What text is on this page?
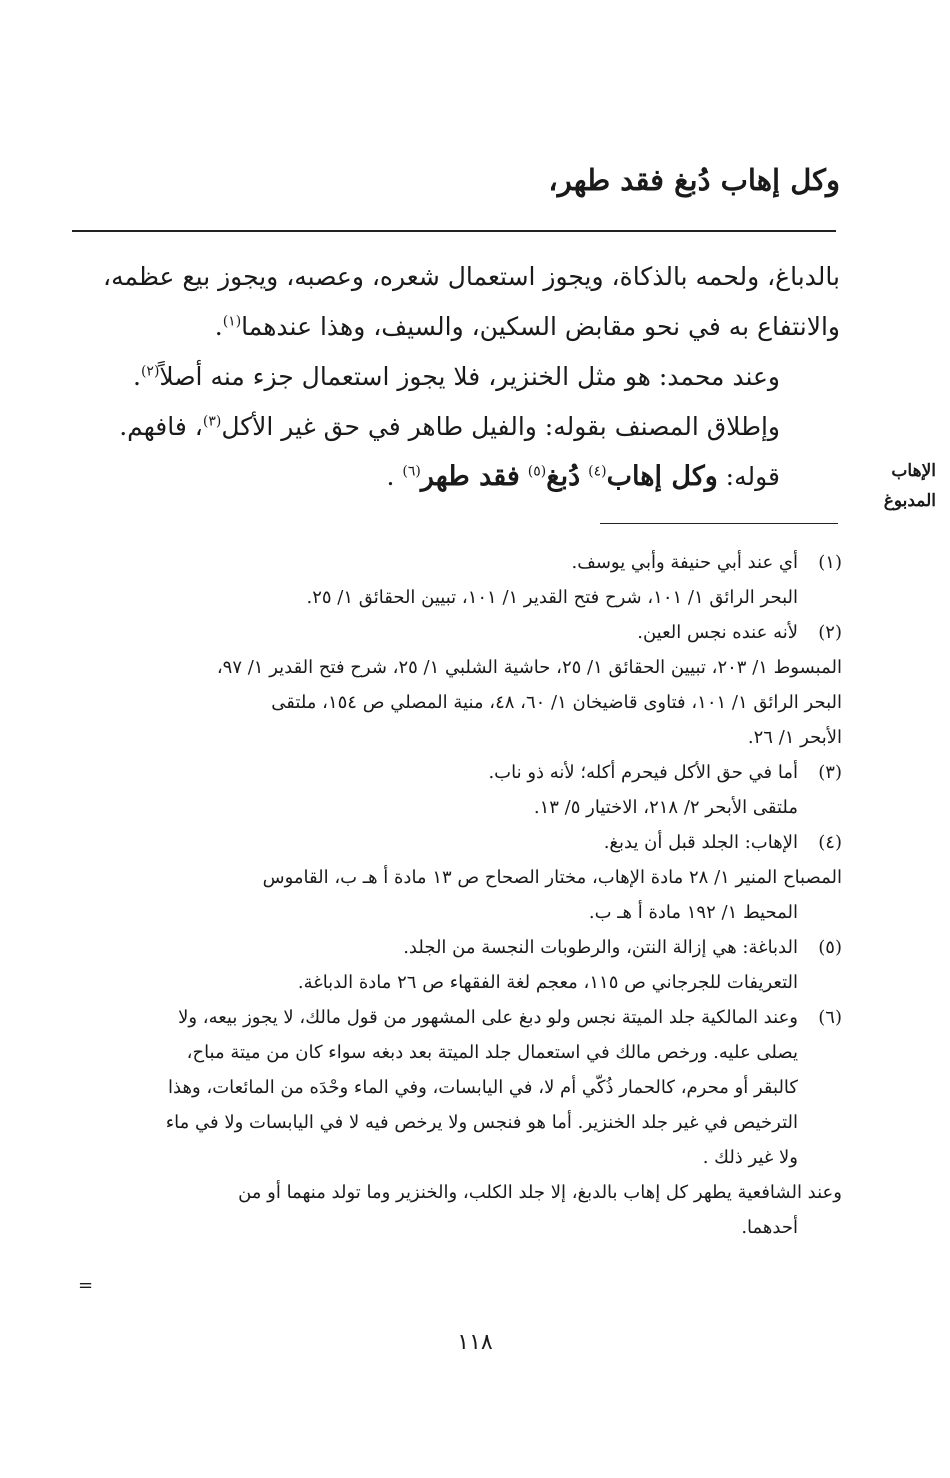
وكل إهاب دُبغ فقد طهر،

بالدباغ، ولحمه بالذكاة، ويجوز استعمال شعره، وعصبه، ويجوز بيع عظمه،

والانتفاع به في نحو مقابض السكين، والسيف، وهذا عندهما$^{(١)}$.

وعند محمد: هو مثل الخنزير، فلا يجوز استعمال جزء منه أصلاً$^{(٢)}$.

وإطلاق المصنف بقوله: والفيل طاهر في حق غير الأكل$^{(٣)}$، فافهم.

قوله: وكل إهاب$^{(٤)}$ دُبغ$^{(٥)}$ فقد طهر$^{(٦)}$ .	الإهاب
المدبوغ
(١)
أي عند أبي حنيفة وأبي يوسف.
البحر الرائق ١/ ١٠١، شرح فتح القدير ١/ ١٠١، تبيين الحقائق ١/ ٢٥.
(٢)
لأنه عنده نجس العين.
المبسوط ١/ ٢٠٣، تبيين الحقائق ١/ ٢٥، حاشية الشلبي ١/ ٢٥، شرح فتح القدير ١/ ٩٧،
البحر الرائق ١/ ١٠١، فتاوى قاضيخان ١/ ٦٠، ٤٨، منية المصلي ص ١٥٤، ملتقى
الأبحر ١/ ٢٦.
(٣)
أما في حق الأكل فيحرم أكله؛ لأنه ذو ناب.
ملتقى الأبحر ٢/ ٢١٨، الاختيار ٥/ ١٣.
(٤)
الإهاب: الجلد قبل أن يدبغ.
المصباح المنير ١/ ٢٨ مادة الإهاب، مختار الصحاح ص ١٣ مادة أ هـ ب، القاموس
المحيط ١/ ١٩٢ مادة أ هـ ب.
(٥)
الدباغة: هي إزالة النتن، والرطوبات النجسة من الجلد.
التعريفات للجرجاني ص ١١٥، معجم لغة الفقهاء ص ٢٦ مادة الدباغة.
(٦)
وعند المالكية جلد الميتة نجس ولو دبغ على المشهور من قول مالك، لا يجوز بيعه، ولا
يصلى عليه. ورخص مالك في استعمال جلد الميتة بعد دبغه سواء كان من ميتة مباح،
كالبقر أو محرم، كالحمار ذُكّي أم لا، في اليابسات، وفي الماء وحْدَه من المائعات، وهذا
الترخيص في غير جلد الخنزير. أما هو فنجس ولا يرخص فيه لا في اليابسات ولا في ماء
ولا غير ذلك .
وعند الشافعية يطهر كل إهاب بالدبغ، إلا جلد الكلب، والخنزير وما تولد منهما أو من
أحدهما.
=
١١٨
